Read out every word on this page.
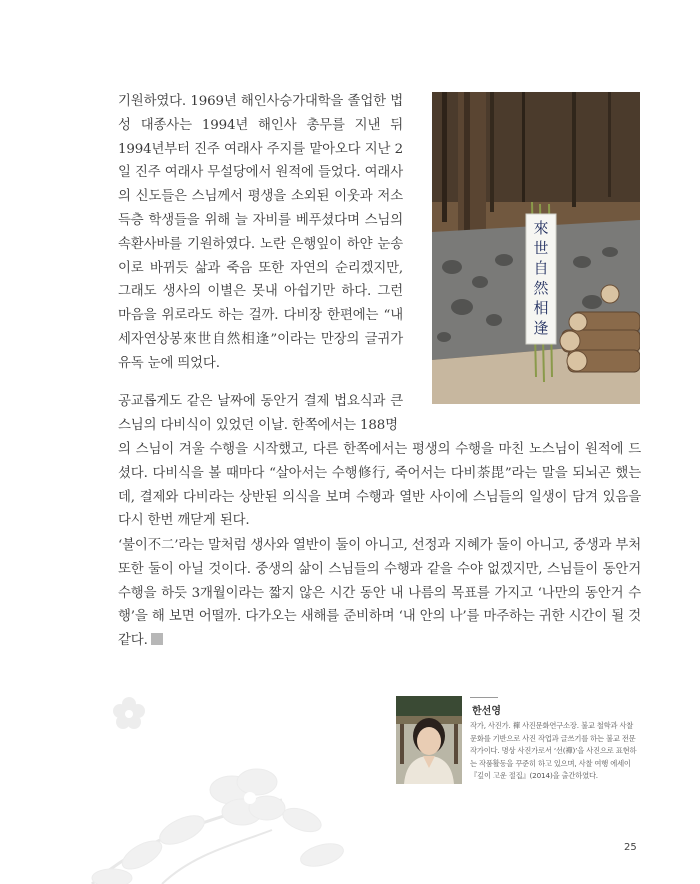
기원하였다. 1969년 해인사승가대학을 졸업한 법성 대종사는 1994년 해인사 총무를 지낸 뒤 1994년부터 진주 여래사 주지를 맡아오다 지난 2일 진주 여래사 무설당에서 원적에 들었다. 여래사의 신도들은 스님께서 평생을 소외된 이웃과 저소득층 학생들을 위해 늘 자비를 베푸셨다며 스님의 속환사바를 기원하였다. 노란 은행잎이 하얀 눈송이로 바뀌듯 삶과 죽음 또한 자연의 순리겠지만, 그래도 생사의 이별은 못내 아쉽기만 하다. 그런 마음을 위로라도 하는 걸까. 다비장 한편에는 “내세자연상봉來世自然相逢”이라는 만장의 글귀가 유독 눈에 띄었다.

來
世
自
然
相
逢

공교롭게도 같은 날짜에 동안거 결제 법요식과 큰스님의 다비식이 있었던 이날. 한쪽에서는 188명

의 스님이 겨울 수행을 시작했고, 다른 한쪽에서는 평생의 수행을 마친 노스님이 원적에 드셨다. 다비식을 볼 때마다 “살아서는 수행修行, 죽어서는 다비荼毘”라는 말을 되뇌곤 했는데, 결제와 다비라는 상반된 의식을 보며 수행과 열반 사이에 스님들의 일생이 담겨 있음을 다시 한번 깨닫게 된다.

‘불이不二’라는 말처럼 생사와 열반이 둘이 아니고, 선정과 지혜가 둘이 아니고, 중생과 부처 또한 둘이 아닐 것이다. 중생의 삶이 스님들의 수행과 같을 수야 없겠지만, 스님들이 동안거 수행을 하듯 3개월이라는 짧지 않은 시간 동안 내 나름의 목표를 가지고 ‘나만의 동안거 수행’을 해 보면 어떨까. 다가오는 새해를 준비하며 ‘내 안의 나’를 마주하는 귀한 시간이 될 것 같다.

한선영

작가, 사진가. 禪 사진문화연구소장. 불교 철학과 사찰 문화를 기반으로 사진 작업과 글쓰기를 하는 불교 전문작가이다. 명상 사진가로서 ‘선(禪)’을 사진으로 표현하는 작품활동을 꾸준히 하고 있으며, 사찰 여행 에세이 『깊이 고운 절집』(2014)을 출간하였다.

25
